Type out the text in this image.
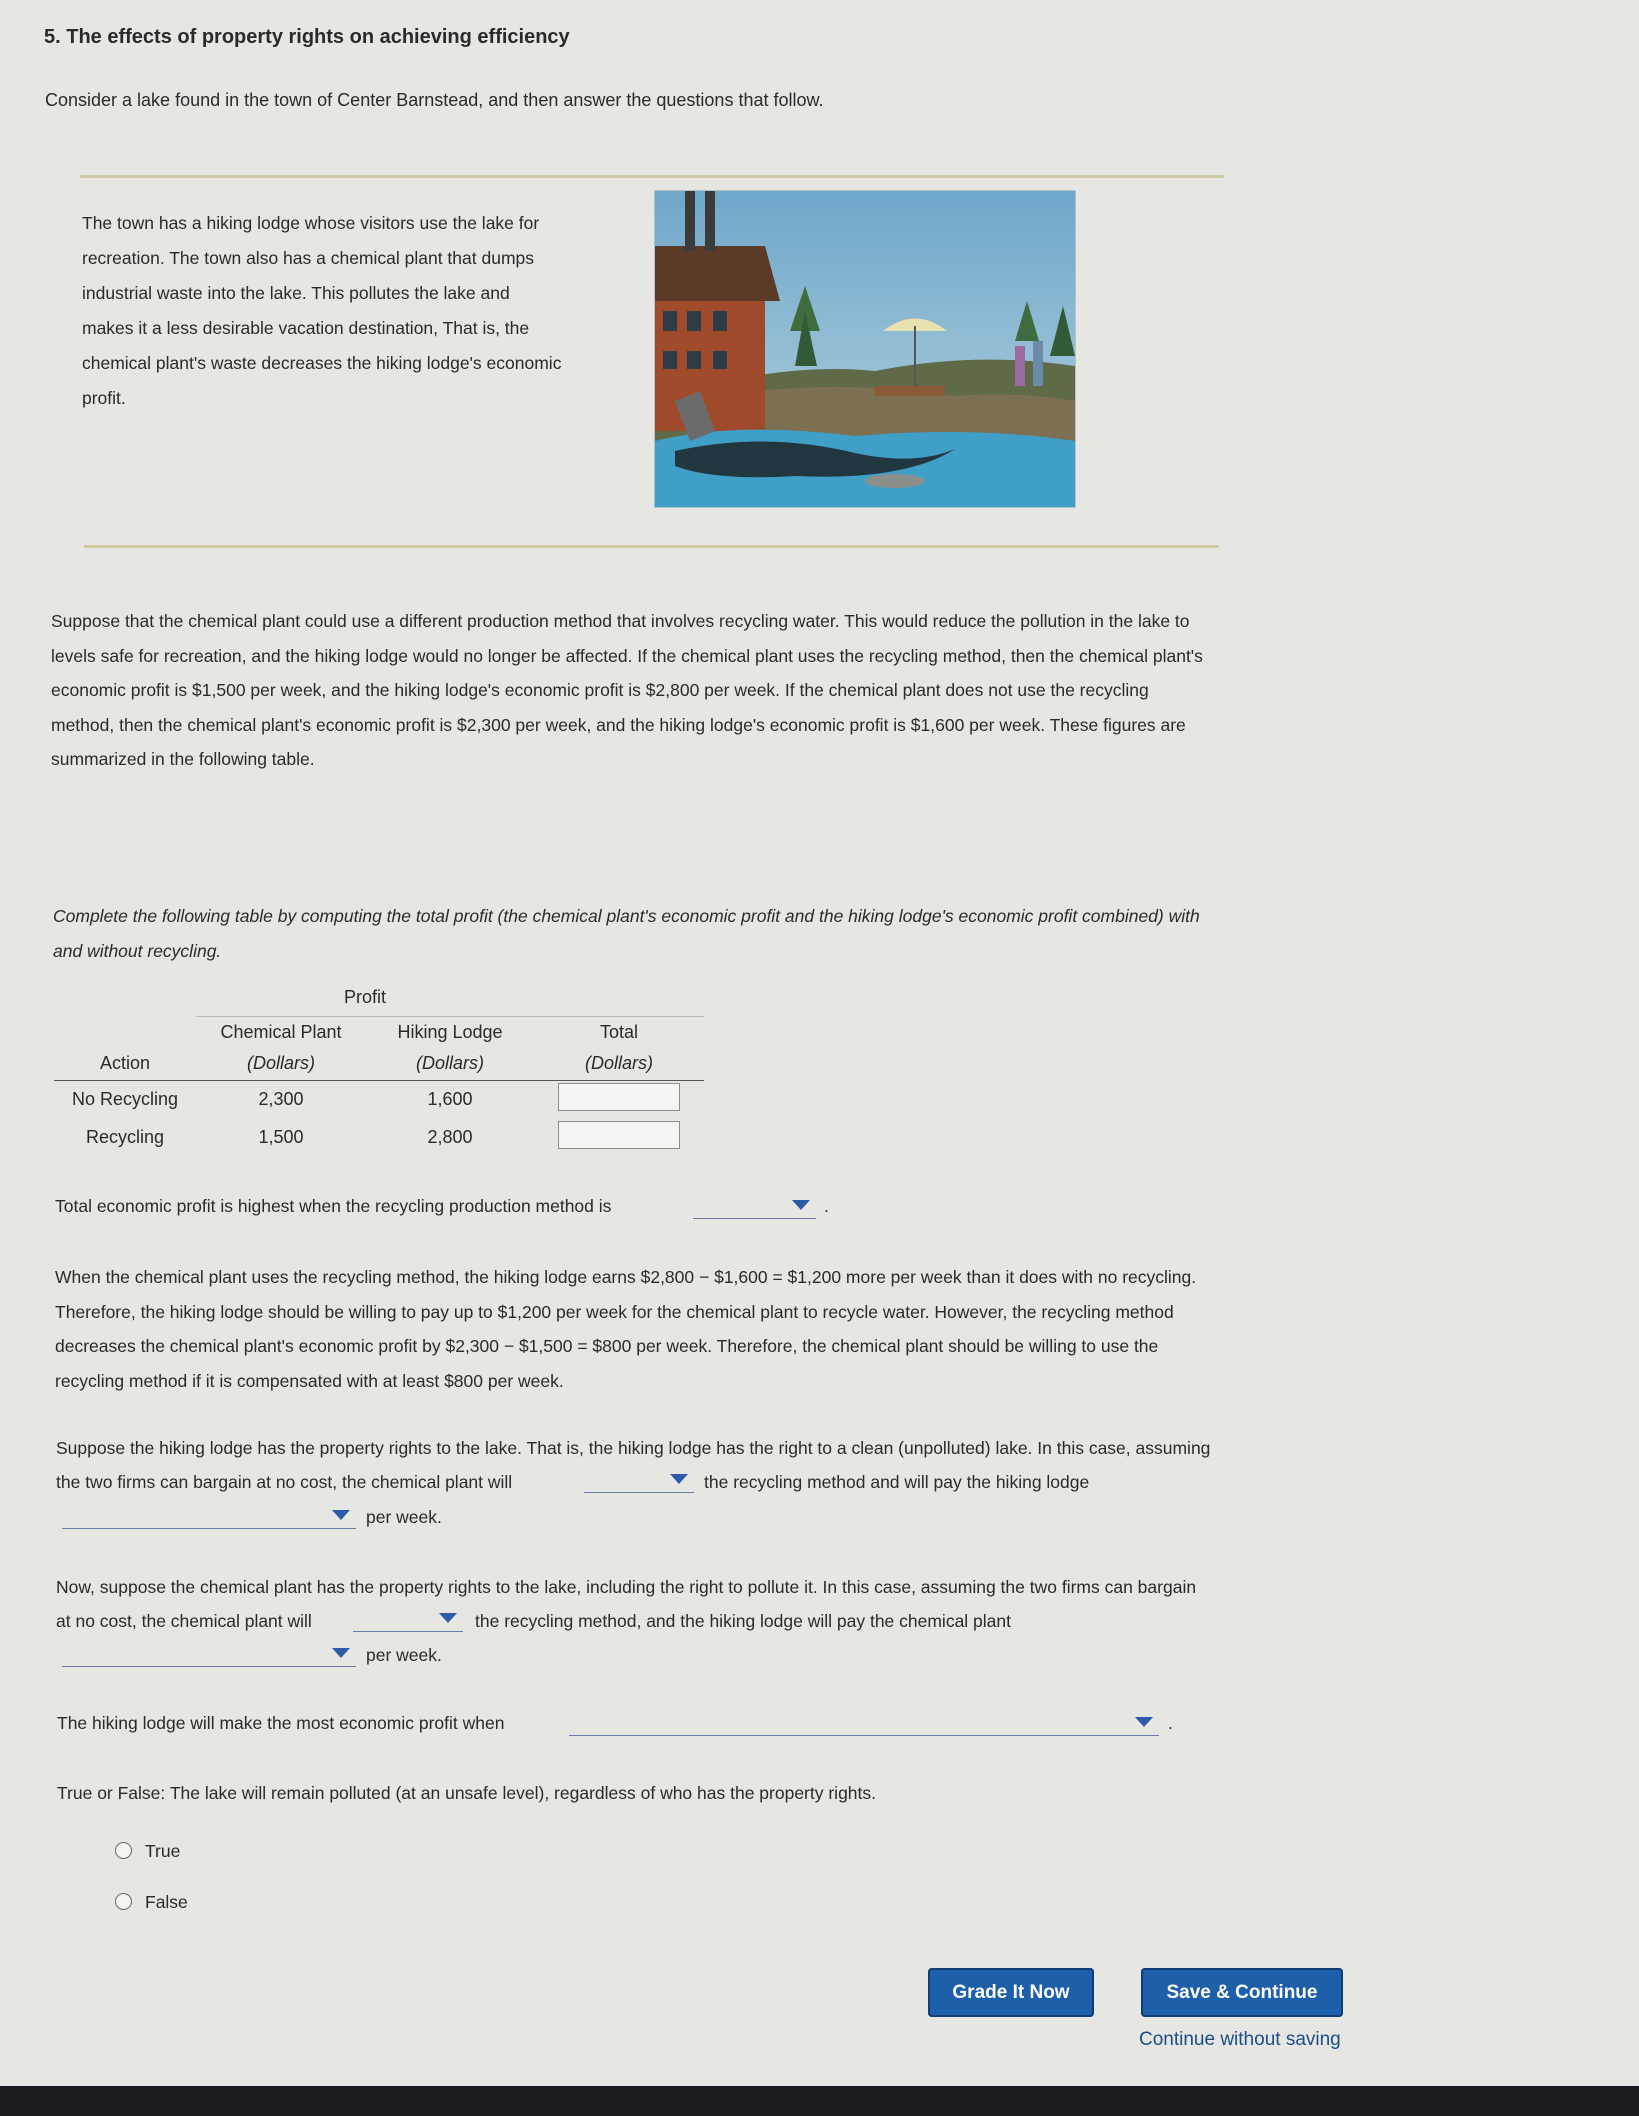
5. The effects of property rights on achieving efficiency
Consider a lake found in the town of Center Barnstead, and then answer the questions that follow.
The town has a hiking lodge whose visitors use the lake for
recreation. The town also has a chemical plant that dumps
industrial waste into the lake. This pollutes the lake and
makes it a less desirable vacation destination, That is, the
chemical plant's waste decreases the hiking lodge's economic
profit.
Suppose that the chemical plant could use a different production method that involves recycling water. This would reduce the pollution in the lake to
levels safe for recreation, and the hiking lodge would no longer be affected. If the chemical plant uses the recycling method, then the chemical plant's
economic profit is $1,500 per week, and the hiking lodge's economic profit is $2,800 per week. If the chemical plant does not use the recycling
method, then the chemical plant's economic profit is $2,300 per week, and the hiking lodge's economic profit is $1,600 per week. These figures are
summarized in the following table.
Complete the following table by computing the total profit (the chemical plant's economic profit and the hiking lodge's economic profit combined) with
and without recycling.
	Profit		
	Chemical Plant	Hiking Lodge	Total
Action	(Dollars)	(Dollars)	(Dollars)
No Recycling	2,300	1,600	
Recycling	1,500	2,800	
Total economic profit is highest when the recycling production method is	.
When the chemical plant uses the recycling method, the hiking lodge earns $2,800 − $1,600 = $1,200 more per week than it does with no recycling.
Therefore, the hiking lodge should be willing to pay up to $1,200 per week for the chemical plant to recycle water. However, the recycling method
decreases the chemical plant's economic profit by $2,300 − $1,500 = $800 per week. Therefore, the chemical plant should be willing to use the
recycling method if it is compensated with at least $800 per week.
Suppose the hiking lodge has the property rights to the lake. That is, the hiking lodge has the right to a clean (unpolluted) lake. In this case, assuming
the two firms can bargain at no cost, the chemical plant will	the recycling method and will pay the hiking lodge
per week.
Now, suppose the chemical plant has the property rights to the lake, including the right to pollute it. In this case, assuming the two firms can bargain
at no cost, the chemical plant will	the recycling method, and the hiking lodge will pay the chemical plant
per week.
The hiking lodge will make the most economic profit when	.
True or False: The lake will remain polluted (at an unsafe level), regardless of who has the property rights.
True
False
Grade It Now	Save & Continue
Continue without saving
